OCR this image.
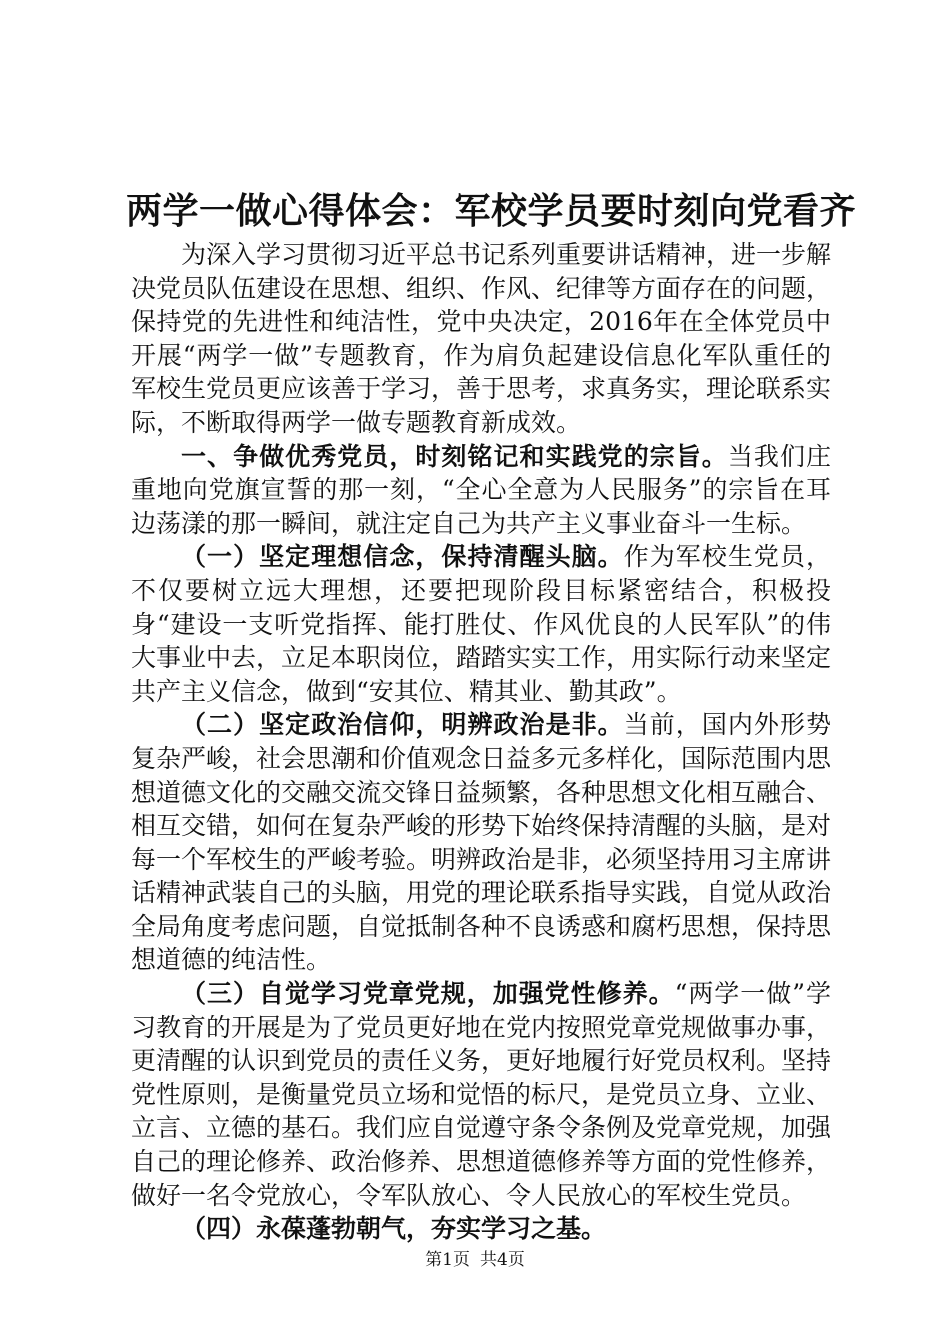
两学一做心得体会：军校学员要时刻向党看齐

为深入学习贯彻习近平总书记系列重要讲话精神，进一步解决党员队伍建设在思想、组织、作风、纪律等方面存在的问题，保持党的先进性和纯洁性，党中央决定，2016年在全体党员中开展“两学一做”专题教育，作为肩负起建设信息化军队重任的军校生党员更应该善于学习，善于思考，求真务实，理论联系实际，不断取得两学一做专题教育新成效。

一、争做优秀党员，时刻铭记和实践党的宗旨。当我们庄重地向党旗宣誓的那一刻，“全心全意为人民服务”的宗旨在耳边荡漾的那一瞬间，就注定自己为共产主义事业奋斗一生标。

（一）坚定理想信念，保持清醒头脑。作为军校生党员，不仅要树立远大理想，还要把现阶段目标紧密结合，积极投身“建设一支听党指挥、能打胜仗、作风优良的人民军队”的伟大事业中去，立足本职岗位，踏踏实实工作，用实际行动来坚定共产主义信念，做到“安其位、精其业、勤其政”。

（二）坚定政治信仰，明辨政治是非。当前，国内外形势复杂严峻，社会思潮和价值观念日益多元多样化，国际范围内思想道德文化的交融交流交锋日益频繁，各种思想文化相互融合、相互交错，如何在复杂严峻的形势下始终保持清醒的头脑，是对每一个军校生的严峻考验。明辨政治是非，必须坚持用习主席讲话精神武装自己的头脑，用党的理论联系指导实践，自觉从政治全局角度考虑问题，自觉抵制各种不良诱惑和腐朽思想，保持思想道德的纯洁性。

（三）自觉学习党章党规，加强党性修养。“两学一做”学习教育的开展是为了党员更好地在党内按照党章党规做事办事，更清醒的认识到党员的责任义务，更好地履行好党员权利。坚持党性原则，是衡量党员立场和觉悟的标尺，是党员立身、立业、立言、立德的基石。我们应自觉遵守条令条例及党章党规，加强自己的理论修养、政治修养、思想道德修养等方面的党性修养，做好一名令党放心，令军队放心、令人民放心的军校生党员。

（四）永葆蓬勃朝气，夯实学习之基。

第1页 共4页
